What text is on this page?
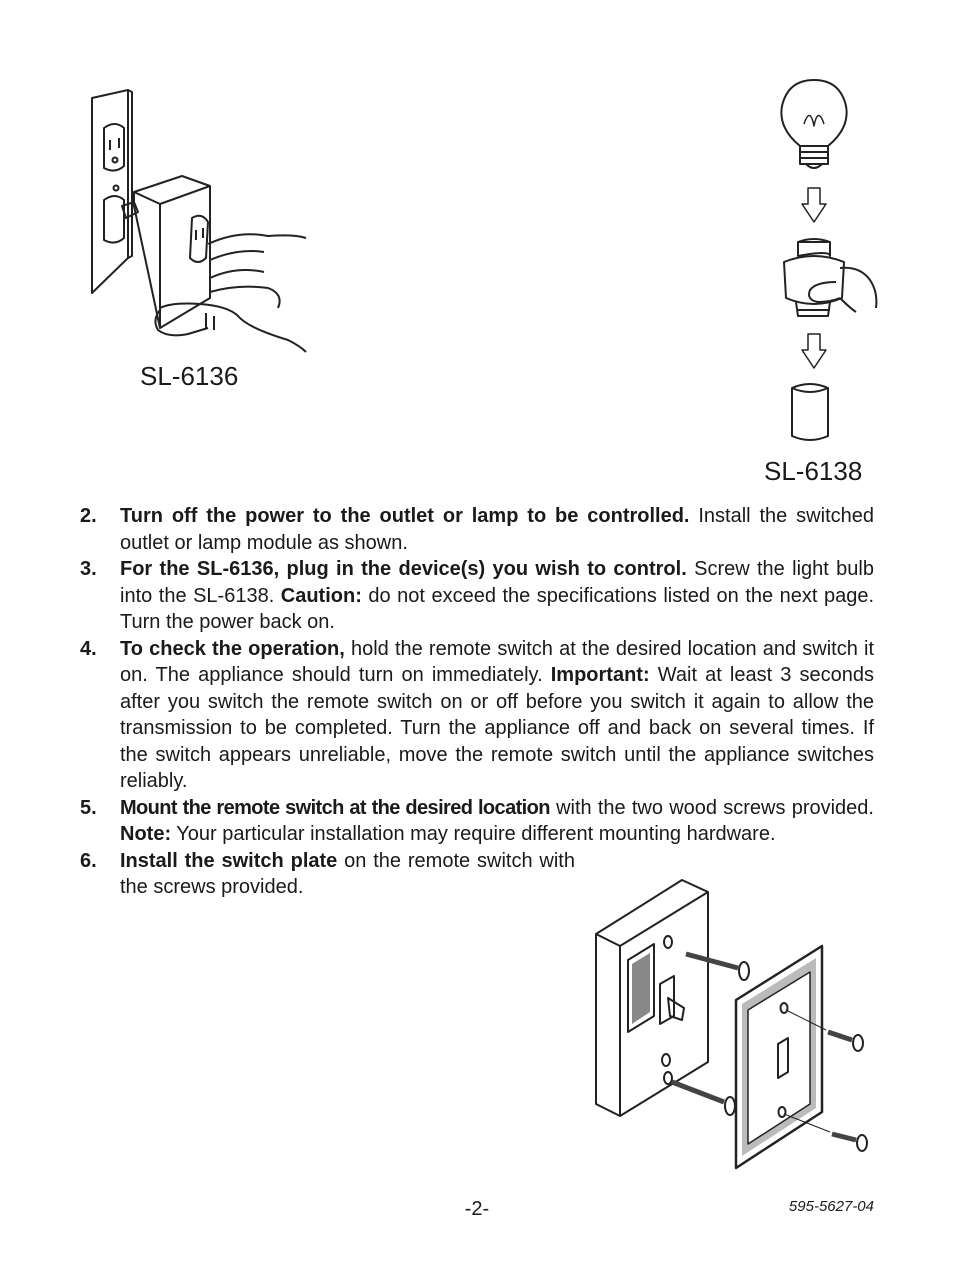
SL-6136
SL-6138
2. Turn off the power to the outlet or lamp to be controlled. Install the switched outlet or lamp module as shown.
3. For the SL-6136, plug in the device(s) you wish to control. Screw the light bulb into the SL-6138. Caution: do not exceed the specifications listed on the next page. Turn the power back on.
4. To check the operation, hold the remote switch at the desired location and switch it on. The appliance should turn on immediately. Important: Wait at least 3 seconds after you switch the remote switch on or off before you switch it again to allow the transmission to be completed. Turn the appliance off and back on several times. If the switch appears unreliable, move the remote switch until the appliance switches reliably.
5. Mount the remote switch at the desired location with the two wood screws provided. Note: Your particular installation may require different mounting hardware.
6. Install the switch plate on the remote switch with the screws provided.
-2-	595-5627-04
